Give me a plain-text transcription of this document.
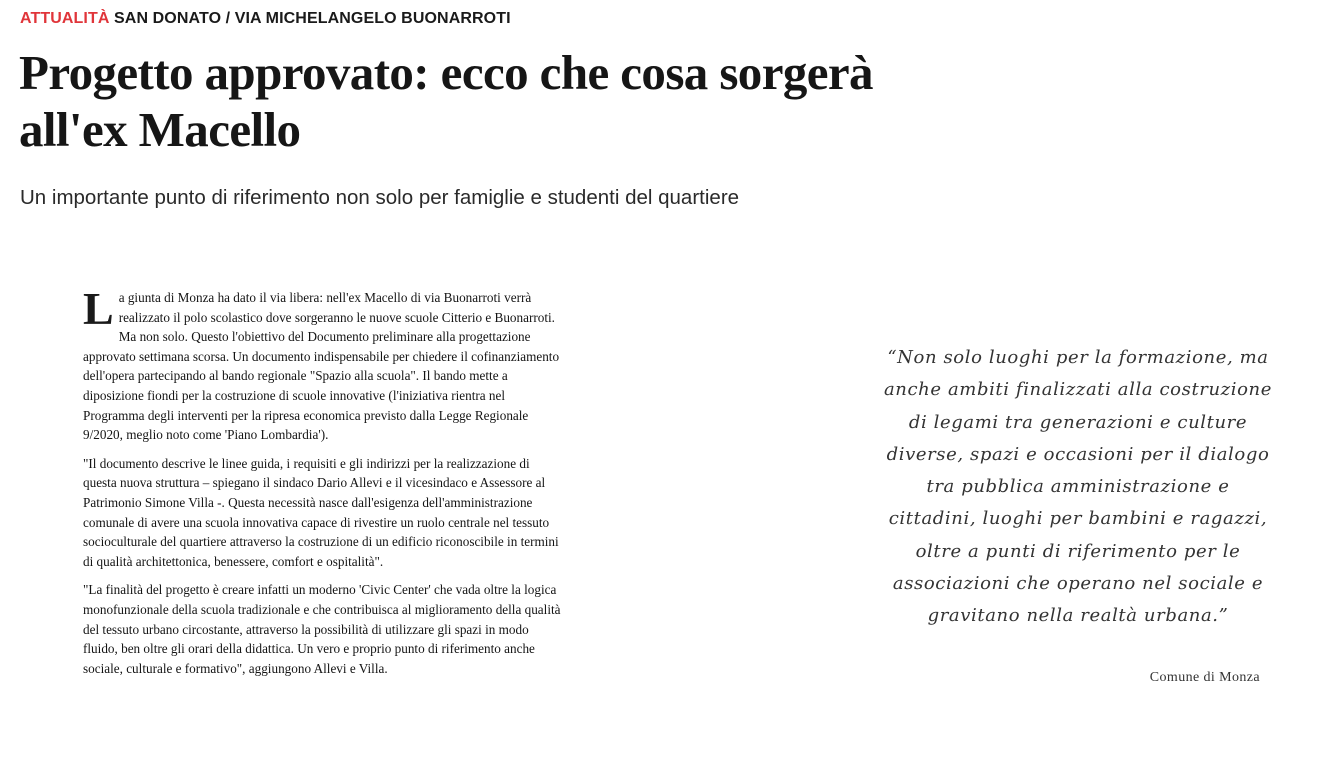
ATTUALITÀ SAN DONATO / VIA MICHELANGELO BUONARROTI
Progetto approvato: ecco che cosa sorgerà all'ex Macello
Un importante punto di riferimento non solo per famiglie e studenti del quartiere

La giunta di Monza ha dato il via libera: nell'ex Macello di via Buonarroti verrà realizzato il polo scolastico dove sorgeranno le nuove scuole Citterio e Buonarroti. Ma non solo. Questo l'obiettivo del Documento preliminare alla progettazione approvato settimana scorsa. Un documento indispensabile per chiedere il cofinanziamento dell'opera partecipando al bando regionale "Spazio alla scuola". Il bando mette a diposizione fiondi per la costruzione di scuole innovative (l'iniziativa rientra nel Programma degli interventi per la ripresa economica previsto dalla Legge Regionale 9/2020, meglio noto come 'Piano Lombardia').

"Il documento descrive le linee guida, i requisiti e gli indirizzi per la realizzazione di questa nuova struttura – spiegano il sindaco Dario Allevi e il vicesindaco e Assessore al Patrimonio Simone Villa -. Questa necessità nasce dall'esigenza dell'amministrazione comunale di avere una scuola innovativa capace di rivestire un ruolo centrale nel tessuto socioculturale del quartiere attraverso la costruzione di un edificio riconoscibile in termini di qualità architettonica, benessere, comfort e ospitalità".

"La finalità del progetto è creare infatti un moderno 'Civic Center' che vada oltre la logica monofunzionale della scuola tradizionale e che contribuisca al miglioramento della qualità del tessuto urbano circostante, attraverso la possibilità di utilizzare gli spazi in modo fluido, ben oltre gli orari della didattica. Un vero e proprio punto di riferimento anche sociale, culturale e formativo", aggiungono Allevi e Villa.

“Non solo luoghi per la formazione, ma anche ambiti finalizzati alla costruzione di legami tra generazioni e culture diverse, spazi e occasioni per il dialogo tra pubblica amministrazione e cittadini, luoghi per bambini e ragazzi, oltre a punti di riferimento per le associazioni che operano nel sociale e gravitano nella realtà urbana.”
Comune di Monza
